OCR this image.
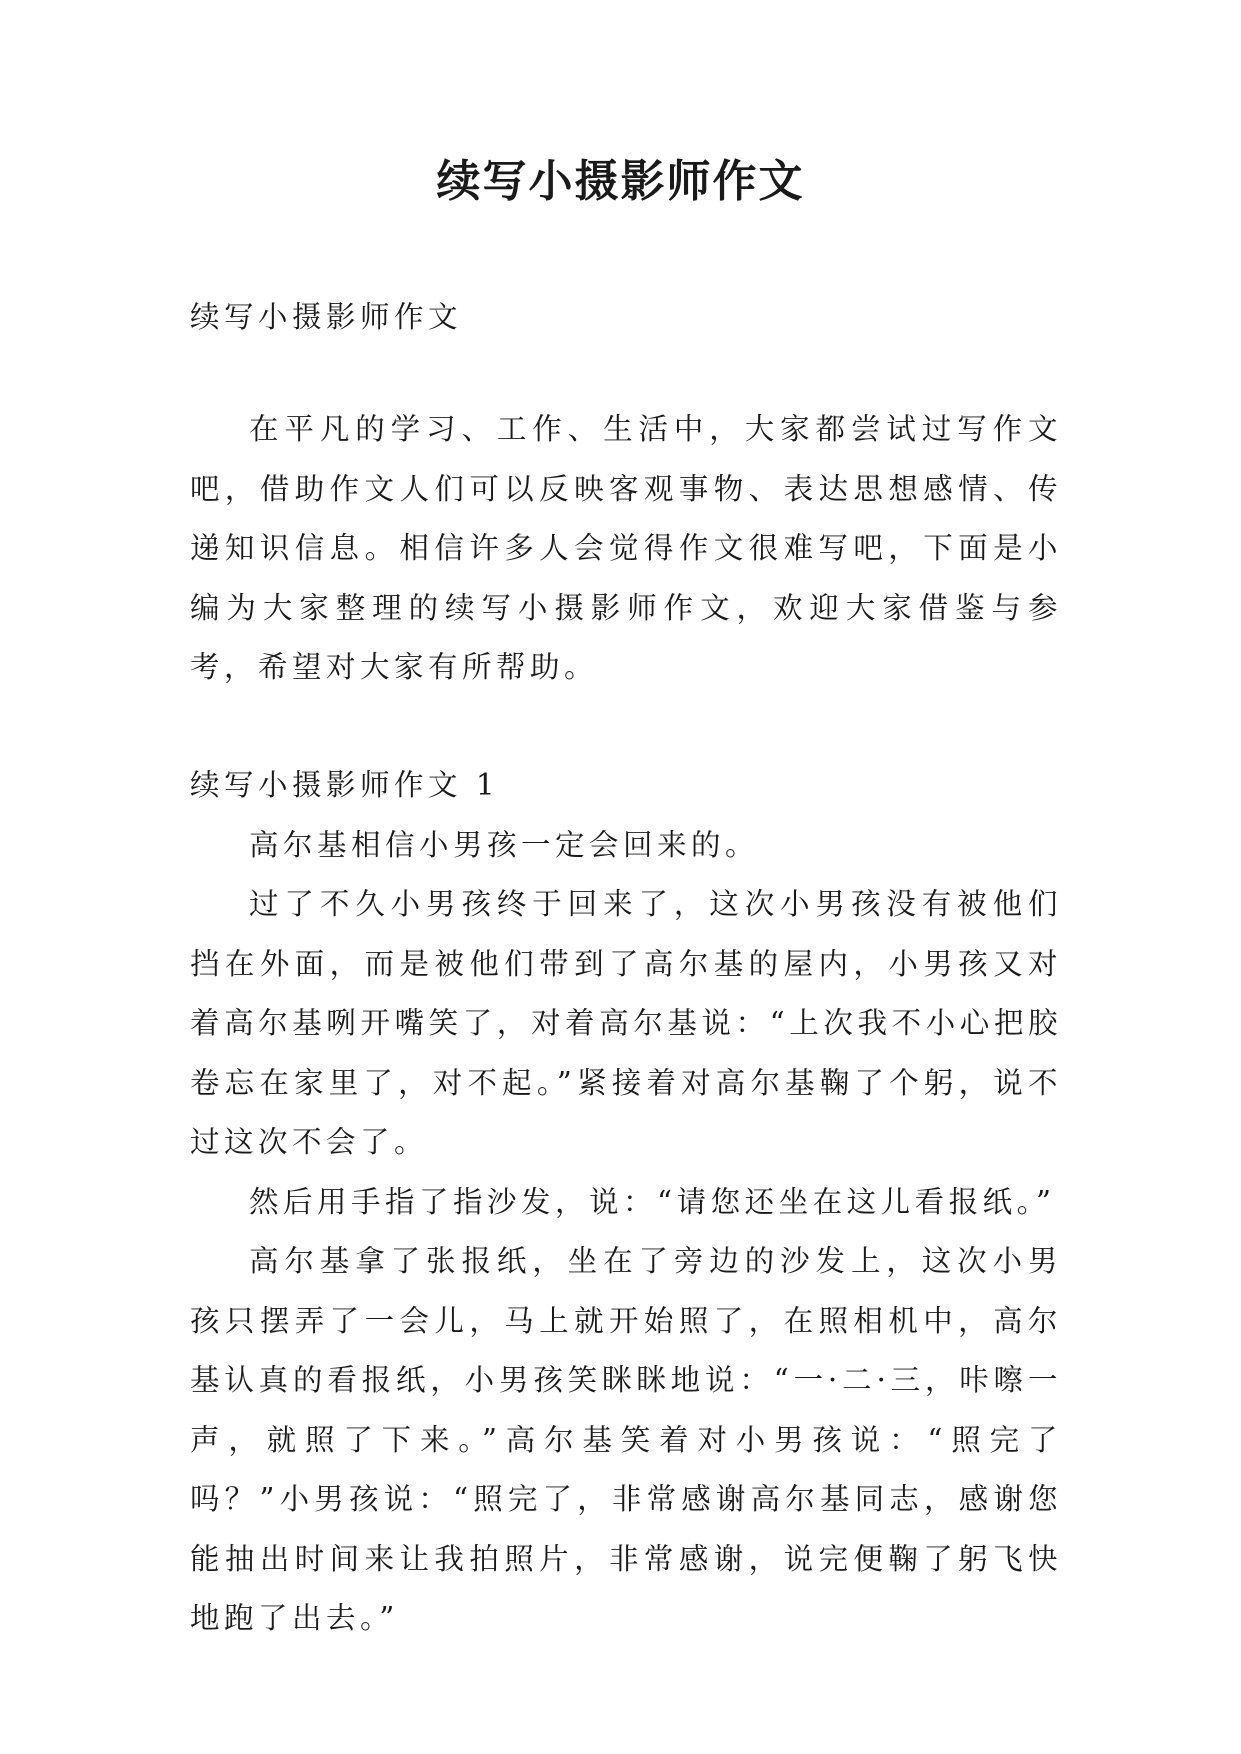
续写小摄影师作文

续写小摄影师作文

在平凡的学习、工作、生活中，大家都尝试过写作文吧，借助作文人们可以反映客观事物、表达思想感情、传递知识信息。相信许多人会觉得作文很难写吧，下面是小编为大家整理的续写小摄影师作文，欢迎大家借鉴与参考，希望对大家有所帮助。

续写小摄影师作文 1

高尔基相信小男孩一定会回来的。

过了不久小男孩终于回来了，这次小男孩没有被他们挡在外面，而是被他们带到了高尔基的屋内，小男孩又对着高尔基咧开嘴笑了，对着高尔基说：“上次我不小心把胶卷忘在家里了，对不起。”紧接着对高尔基鞠了个躬，说不过这次不会了。

然后用手指了指沙发，说：“请您还坐在这儿看报纸。”

高尔基拿了张报纸，坐在了旁边的沙发上，这次小男孩只摆弄了一会儿，马上就开始照了，在照相机中，高尔基认真的看报纸，小男孩笑眯眯地说：“一·二·三，咔嚓一声，就照了下来。”高尔基笑着对小男孩说：“照完了吗？”小男孩说：“照完了，非常感谢高尔基同志，感谢您能抽出时间来让我拍照片，非常感谢，说完便鞠了躬飞快地跑了出去。”
